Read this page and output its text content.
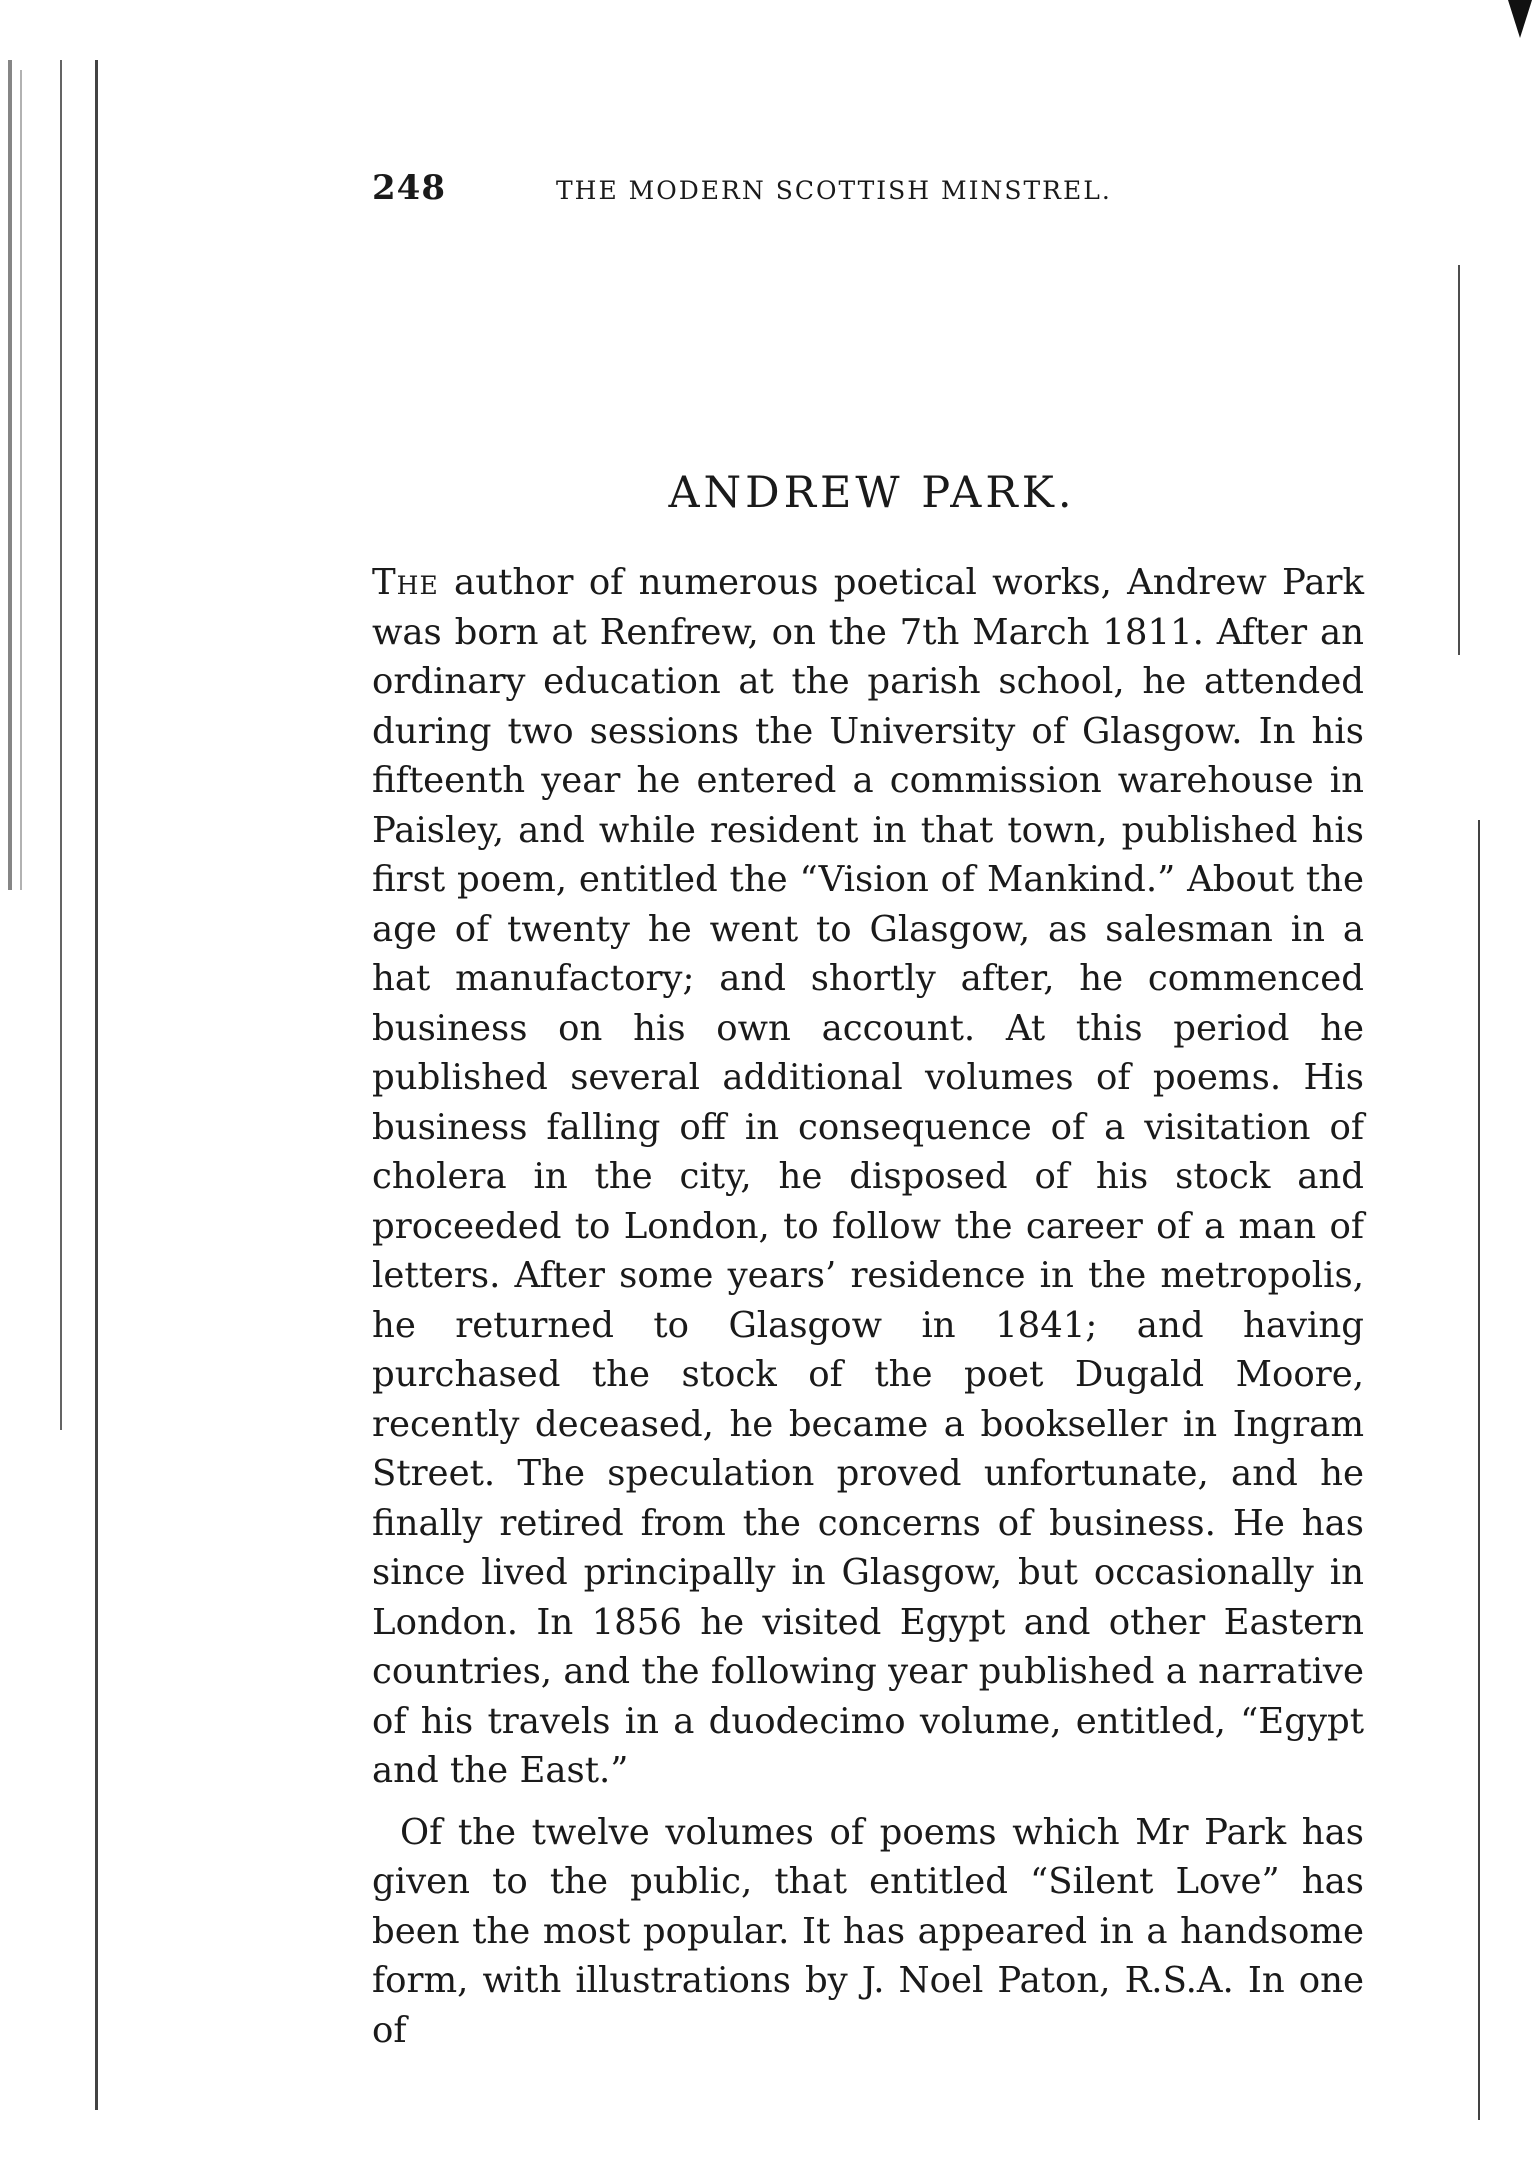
248	THE MODERN SCOTTISH MINSTREL.
ANDREW PARK.

The author of numerous poetical works, Andrew Park was born at Renfrew, on the 7th March 1811. After an ordinary education at the parish school, he attended during two sessions the University of Glasgow. In his fifteenth year he entered a commission warehouse in Paisley, and while resident in that town, published his first poem, entitled the “Vision of Mankind.” About the age of twenty he went to Glasgow, as salesman in a hat manufactory; and shortly after, he commenced business on his own account. At this period he published several additional volumes of poems. His business falling off in consequence of a visitation of cholera in the city, he disposed of his stock and proceeded to London, to follow the career of a man of letters. After some years’ residence in the metropolis, he returned to Glasgow in 1841; and having purchased the stock of the poet Dugald Moore, recently deceased, he became a bookseller in Ingram Street. The speculation proved unfortunate, and he finally retired from the concerns of business. He has since lived principally in Glasgow, but occasionally in London. In 1856 he visited Egypt and other Eastern countries, and the following year published a narrative of his travels in a duodecimo volume, entitled, “Egypt and the East.”

Of the twelve volumes of poems which Mr Park has given to the public, that entitled “Silent Love” has been the most popular. It has appeared in a handsome form, with illustrations by J. Noel Paton, R.S.A. In one of
